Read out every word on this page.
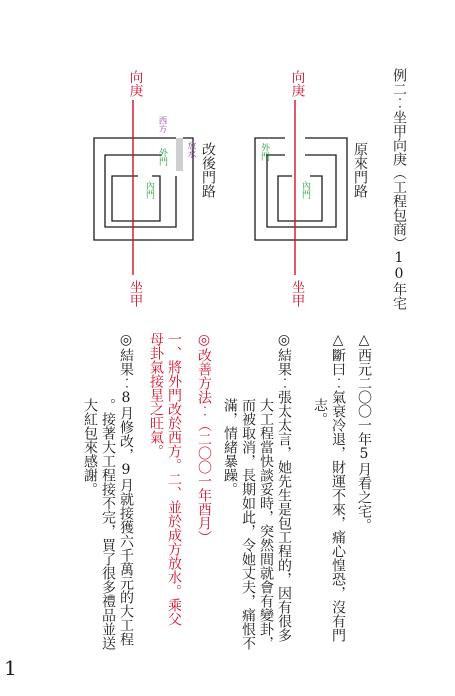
向庚
坐甲
西方
外門
內門
放水 改後門路
向庚
坐甲
外門
內門	原來門路 例二︰坐甲向庚（工程包商）10年宅
△西元二〇〇一年5月看之宅。
△斷曰︰氣衰冷退，財運不來，痛心惶恐，沒有門
志。
◎結果︰張太太言，她先生是包工程的，因有很多
大工程當快談妥時，突然間就會有變卦，
而被取消，長期如此，令她丈夫，痛恨不
滿，情緒暴躁。
◎改善方法︰（二〇〇一年酉月）
一、將外門改於西方。二、並於成方放水。乘父
母卦氣接星之旺氣。
◎結果︰8月修改，9月就接獲六千萬元的大工程
。接著大工程接不完，買了很多禮品並送
大紅包來感謝。
1
